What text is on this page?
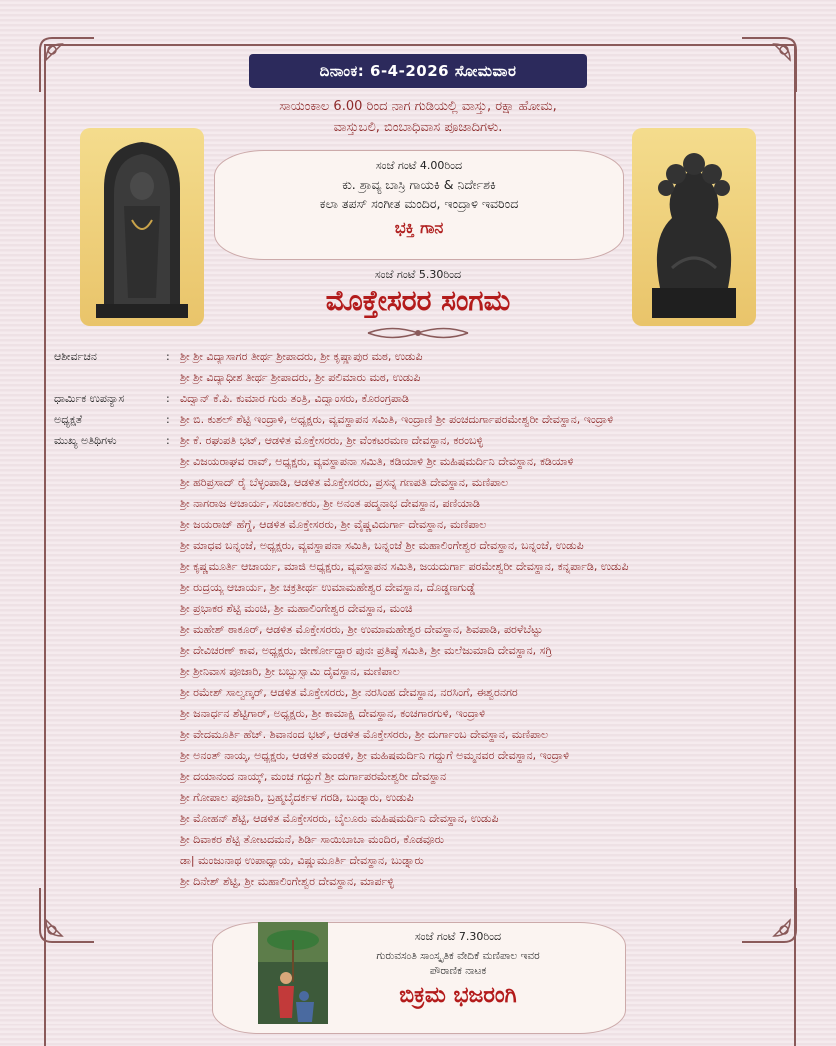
ದಿನಾಂಕ: 6-4-2026 ಸೋಮವಾರ
ಸಾಯಂಕಾಲ 6.00 ರಿಂದ ನಾಗ ಗುಡಿಯಲ್ಲಿ ವಾಸ್ತು, ರಕ್ಷಾ ಹೋಮ,
ವಾಸ್ತುಬಲಿ, ಬಿಂಬಾಧಿವಾಸ ಪೂಜಾದಿಗಳು.
ಸಂಜೆ ಗಂಟೆ 4.00ರಿಂದ
ಕು. ಶ್ರಾವ್ಯ ಬಾಸ್ರಿ ಗಾಯಕಿ & ನಿರ್ದೇಶಕಿ
ಕಲಾ ತಪಸ್ ಸಂಗೀತ ಮಂದಿರ, ಇಂದ್ರಾಳಿ ಇವರಿಂದ
ಭಕ್ತಿ ಗಾನ
ಸಂಜೆ ಗಂಟೆ 5.30ರಿಂದ
ಮೊಕ್ತೇಸರರ ಸಂಗಮ
ಆಶೀರ್ವಚನ	: ಶ್ರೀ ಶ್ರೀ ವಿದ್ಯಾಸಾಗರ ತೀರ್ಥ ಶ್ರೀಪಾದರು, ಶ್ರೀ ಕೃಷ್ಣಾಪುರ ಮಠ, ಉಡುಪಿ
ಶ್ರೀ ಶ್ರೀ ವಿದ್ಯಾಧೀಶ ತೀರ್ಥ ಶ್ರೀಪಾದರು, ಶ್ರೀ ಪಲಿಮಾರು ಮಠ, ಉಡುಪಿ
ಧಾರ್ಮಿಕ ಉಪನ್ಯಾಸ	: ವಿದ್ವಾನ್ ಕೆ.ಪಿ. ಕುಮಾರ ಗುರು ತಂತ್ರಿ, ವಿದ್ವಾಂಸರು, ಕೊರಂಗ್ರಪಾಡಿ
ಅಧ್ಯಕ್ಷತೆ	: ಶ್ರೀ ಬಿ. ಕುಶಲ್ ಶೆಟ್ಟಿ ಇಂದ್ರಾಳಿ, ಅಧ್ಯಕ್ಷರು, ವ್ಯವಸ್ಥಾಪನ ಸಮಿತಿ, ಇಂದ್ರಾಣಿ ಶ್ರೀ ಪಂಚದುರ್ಗಾಪರಮೇಶ್ವರೀ ದೇವಸ್ಥಾನ, ಇಂದ್ರಾಳಿ
ಮುಖ್ಯ ಅತಿಥಿಗಳು	: ಶ್ರೀ ಕೆ. ರಘುಪತಿ ಭಟ್, ಆಡಳಿತ ಮೊಕ್ತೇಸರರು, ಶ್ರೀ ವೆಂಕಟರಮಣ ದೇವಸ್ಥಾನ, ಕರಂಬಳ್ಳಿ
ಶ್ರೀ ವಿಜಯರಾಘವ ರಾವ್, ಅಧ್ಯಕ್ಷರು, ವ್ಯವಸ್ಥಾಪನಾ ಸಮಿತಿ, ಕಡಿಯಾಳಿ ಶ್ರೀ ಮಹಿಷಮರ್ದಿನಿ ದೇವಸ್ಥಾನ, ಕಡಿಯಾಳಿ
ಶ್ರೀ ಹರಿಪ್ರಸಾದ್ ರೈ ಬೆಳ್ಳಂಪಾಡಿ, ಆಡಳಿತ ಮೊಕ್ತೇಸರರು, ಪ್ರಸನ್ನ ಗಣಪತಿ ದೇವಸ್ಥಾನ, ಮಣಿಪಾಲ
ಶ್ರೀ ನಾಗರಾಜ ಆಚಾರ್ಯ, ಸಂಚಾಲಕರು, ಶ್ರೀ ಅನಂತ ಪದ್ಮನಾಭ ದೇವಸ್ಥಾನ, ಪಣಿಯಾಡಿ
ಶ್ರೀ ಜಯರಾಜ್ ಹೆಗ್ಡೆ, ಆಡಳಿತ ಮೊಕ್ತೇಸರರು, ಶ್ರೀ ವೈಷ್ಣವಿದುರ್ಗಾ ದೇವಸ್ಥಾನ, ಮಣಿಪಾಲ
ಶ್ರೀ ಮಾಧವ ಬನ್ನಂಜೆ, ಅಧ್ಯಕ್ಷರು, ವ್ಯವಸ್ಥಾಪನಾ ಸಮಿತಿ, ಬನ್ನಂಜೆ ಶ್ರೀ ಮಹಾಲಿಂಗೇಶ್ವರ ದೇವಸ್ಥಾನ, ಬನ್ನಂಜೆ, ಉಡುಪಿ
ಶ್ರೀ ಕೃಷ್ಣಮೂರ್ತಿ ಆಚಾರ್ಯ, ಮಾಜಿ ಅಧ್ಯಕ್ಷರು, ವ್ಯವಸ್ಥಾಪನ ಸಮಿತಿ, ಜಯದುರ್ಗಾ ಪರಮೇಶ್ವರೀ ದೇವಸ್ಥಾನ, ಕನ್ನರ್ಪಾಡಿ, ಉಡುಪಿ
ಶ್ರೀ ರುದ್ರಯ್ಯ ಆಚಾರ್ಯ, ಶ್ರೀ ಚಕ್ರತೀರ್ಥ ಉಮಾಮಹೇಶ್ವರ ದೇವಸ್ಥಾನ, ದೊಡ್ಡಣಗುಡ್ಡೆ
ಶ್ರೀ ಪ್ರಭಾಕರ ಶೆಟ್ಟಿ ಮಂಚಿ, ಶ್ರೀ ಮಹಾಲಿಂಗೇಶ್ವರ ದೇವಸ್ಥಾನ, ಮಂಚಿ
ಶ್ರೀ ಮಹೇಶ್ ಠಾಕೂರ್, ಆಡಳಿತ ಮೊಕ್ತೇಸರರು, ಶ್ರೀ ಉಮಾಮಹೇಶ್ವರ ದೇವಸ್ಥಾನ, ಶಿವಪಾಡಿ, ಪರಳೆಬೆಟ್ಟು
ಶ್ರೀ ದೇವಿಚರಣ್ ಕಾವ, ಅಧ್ಯಕ್ಷರು, ಜೀರ್ಣೋದ್ಧಾರ ಪುನಃ ಪ್ರತಿಷ್ಠೆ ಸಮಿತಿ, ಶ್ರೀ ಮಲೆಜುಮಾದಿ ದೇವಸ್ಥಾನ, ಸಗ್ರಿ
ಶ್ರೀ ಶ್ರೀನಿವಾಸ ಪೂಜಾರಿ, ಶ್ರೀ ಬಬ್ಬುಸ್ವಾಮಿ ದೈವಸ್ಥಾನ, ಮಣಿಪಾಲ
ಶ್ರೀ ರಮೇಶ್ ಸಾಲ್ವಣ್ಕರ್, ಆಡಳಿತ ಮೊಕ್ತೇಸರರು, ಶ್ರೀ ನರಸಿಂಹ ದೇವಸ್ಥಾನ, ನರಸಿಂಗೆ, ಈಶ್ವರನಗರ
ಶ್ರೀ ಜನಾರ್ಧನ ಶೆಟ್ಟಿಗಾರ್, ಅಧ್ಯಕ್ಷರು, ಶ್ರೀ ಕಾಮಾಕ್ಷಿ ದೇವಸ್ಥಾನ, ಕಂಚಗಾರಗುಳಿ, ಇಂದ್ರಾಳಿ
ಶ್ರೀ ವೇದಮೂರ್ತಿ ಹೆಚ್. ಶಿವಾನಂದ ಭಟ್, ಆಡಳಿತ ಮೊಕ್ತೇಸರರು, ಶ್ರೀ ದುರ್ಗಾಂಬ ದೇವಸ್ಥಾನ, ಮಣಿಪಾಲ
ಶ್ರೀ ಅನಂತ್ ನಾಯ್ಕ, ಅಧ್ಯಕ್ಷರು, ಆಡಳಿತ ಮಂಡಳಿ, ಶ್ರೀ ಮಹಿಷಮರ್ದಿನಿ ಗದ್ದುಗೆ ಅಮ್ಮನವರ ದೇವಸ್ಥಾನ, ಇಂದ್ರಾಳಿ
ಶ್ರೀ ದಯಾನಂದ ನಾಯ್ಕ್, ಮಂಚ ಗದ್ದುಗೆ ಶ್ರೀ ದುರ್ಗಾಪರಮೇಶ್ವರೀ ದೇವಸ್ಥಾನ
ಶ್ರೀ ಗೋಪಾಲ ಪೂಜಾರಿ, ಬ್ರಹ್ಮಬೈದರ್ಕಳ ಗರಡಿ, ಬುಡ್ನಾರು, ಉಡುಪಿ
ಶ್ರೀ ಮೋಹನ್ ಶೆಟ್ಟಿ, ಆಡಳಿತ ಮೊಕ್ತೇಸರರು, ಬೈಲೂರು ಮಹಿಷಮರ್ದಿನಿ ದೇವಸ್ಥಾನ, ಉಡುಪಿ
ಶ್ರೀ ದಿವಾಕರ ಶೆಟ್ಟಿ ತೋಟದಮನೆ, ಶಿರ್ಡಿ ಸಾಯಿಬಾಬಾ ಮಂದಿರ, ಕೊಡವೂರು
ಡಾ| ಮಂಜುನಾಥ ಉಪಾಧ್ಯಾಯ, ವಿಷ್ಣುಮೂರ್ತಿ ದೇವಸ್ಥಾನ, ಬುಡ್ನಾರು
ಶ್ರೀ ದಿನೇಶ್ ಶೆಟ್ಟಿ, ಶ್ರೀ ಮಹಾಲಿಂಗೇಶ್ವರ ದೇವಸ್ಥಾನ, ಮಾರ್ಪಳ್ಳಿ
ಸಂಜೆ ಗಂಟೆ 7.30ರಿಂದ
ಗುರುವಸಂತಿ ಸಾಂಸ್ಕೃತಿಕ ವೇದಿಕೆ ಮಣಿಪಾಲ ಇವರ
ಪೌರಾಣಿಕ ನಾಟಕ
ಬಿಕ್ರಮ ಭಜರಂಗಿ
